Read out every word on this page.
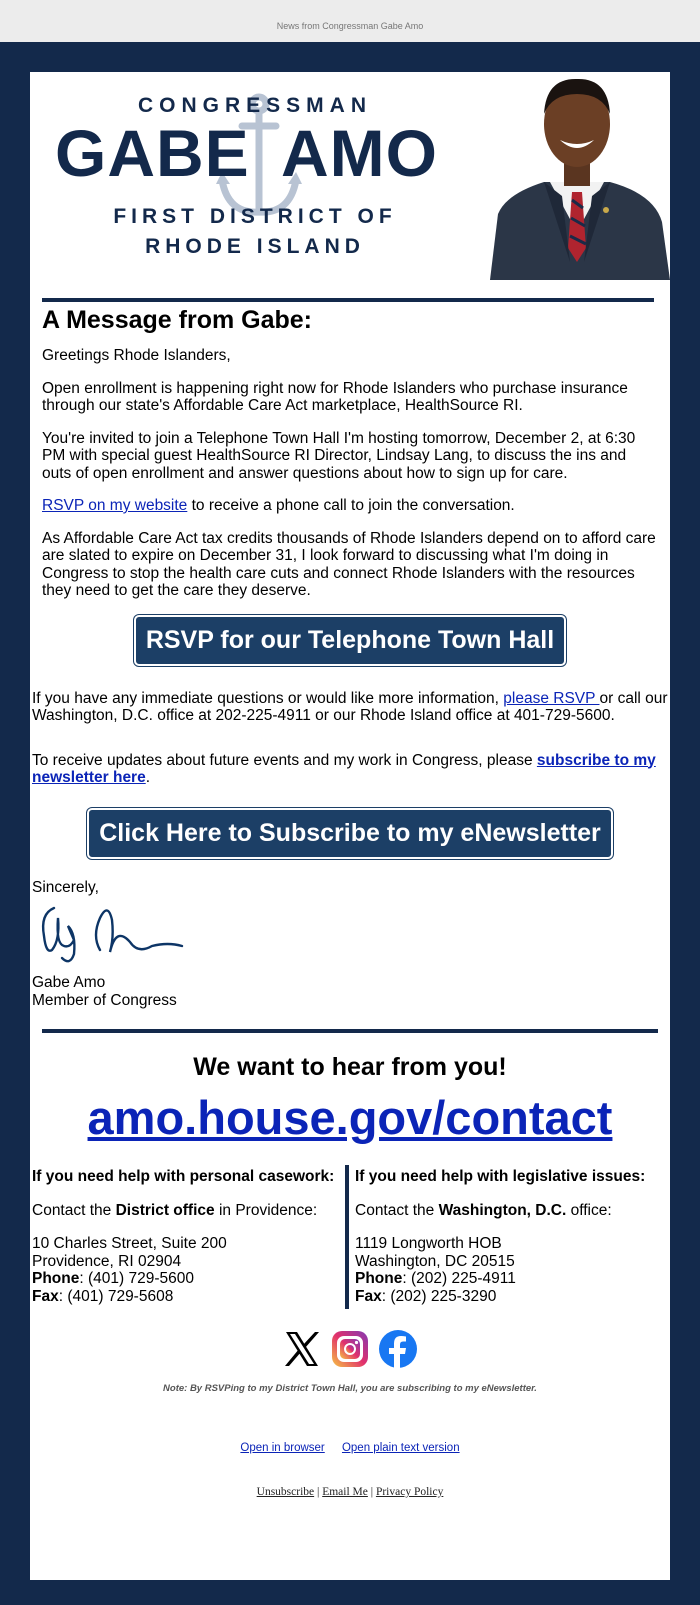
News from Congressman Gabe Amo
CONGRESSMAN
GABE AMO
FIRST DISTRICT OF
RHODE ISLAND
A Message from Gabe:

Greetings Rhode Islanders,

Open enrollment is happening right now for Rhode Islanders who purchase insurance through our state's Affordable Care Act marketplace, HealthSource RI.

You're invited to join a Telephone Town Hall I'm hosting tomorrow, December 2, at 6:30 PM with special guest HealthSource RI Director, Lindsay Lang, to discuss the ins and outs of open enrollment and answer questions about how to sign up for care.

RSVP on my website to receive a phone call to join the conversation.

As Affordable Care Act tax credits thousands of Rhode Islanders depend on to afford care are slated to expire on December 31, I look forward to discussing what I'm doing in Congress to stop the health care cuts and connect Rhode Islanders with the resources they need to get the care they deserve.

RSVP for our Telephone Town Hall
If you have any immediate questions or would like more information, please RSVP or call our Washington, D.C. office at 202-225-4911 or our Rhode Island office at 401-729-5600.
To receive updates about future events and my work in Congress, please subscribe to my newsletter here.
Click Here to Subscribe to my eNewsletter
Sincerely,
Gabe Amo
Member of Congress

We want to hear from you!

amo.house.gov/contact

If you need help with personal casework:

Contact the District office in Providence:

10 Charles Street, Suite 200
Providence, RI 02904
Phone: (401) 729-5600
Fax: (401) 729-5608
If you need help with legislative issues:

Contact the Washington, D.C. office:

1119 Longworth HOB
Washington, DC 20515
Phone: (202) 225-4911
Fax: (202) 225-3290

Note: By RSVPing to my District Town Hall, you are subscribing to my eNewsletter.
Open in browser Open plain text version
Unsubscribe | Email Me | Privacy Policy
